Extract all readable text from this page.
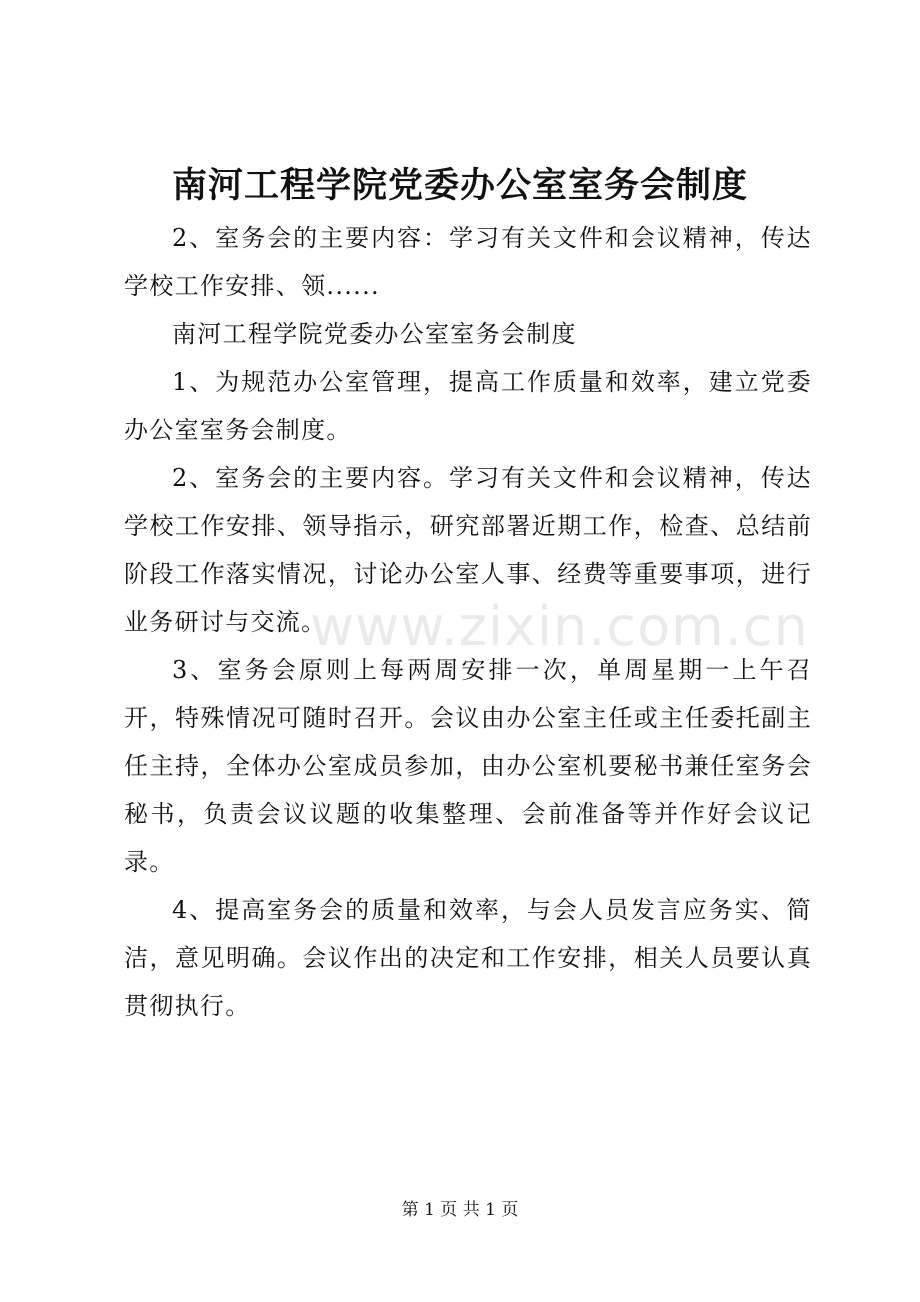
南河工程学院党委办公室室务会制度

2、室务会的主要内容：学习有关文件和会议精神，传达学校工作安排、领......

南河工程学院党委办公室室务会制度

1、为规范办公室管理，提高工作质量和效率，建立党委办公室室务会制度。

2、室务会的主要内容。学习有关文件和会议精神，传达学校工作安排、领导指示，研究部署近期工作，检查、总结前阶段工作落实情况，讨论办公室人事、经费等重要事项，进行业务研讨与交流。

3、室务会原则上每两周安排一次，单周星期一上午召开，特殊情况可随时召开。会议由办公室主任或主任委托副主任主持，全体办公室成员参加，由办公室机要秘书兼任室务会秘书，负责会议议题的收集整理、会前准备等并作好会议记录。

4、提高室务会的质量和效率，与会人员发言应务实、简洁，意见明确。会议作出的决定和工作安排，相关人员要认真贯彻执行。

www.zixin.com.cn
第 1 页 共 1 页
